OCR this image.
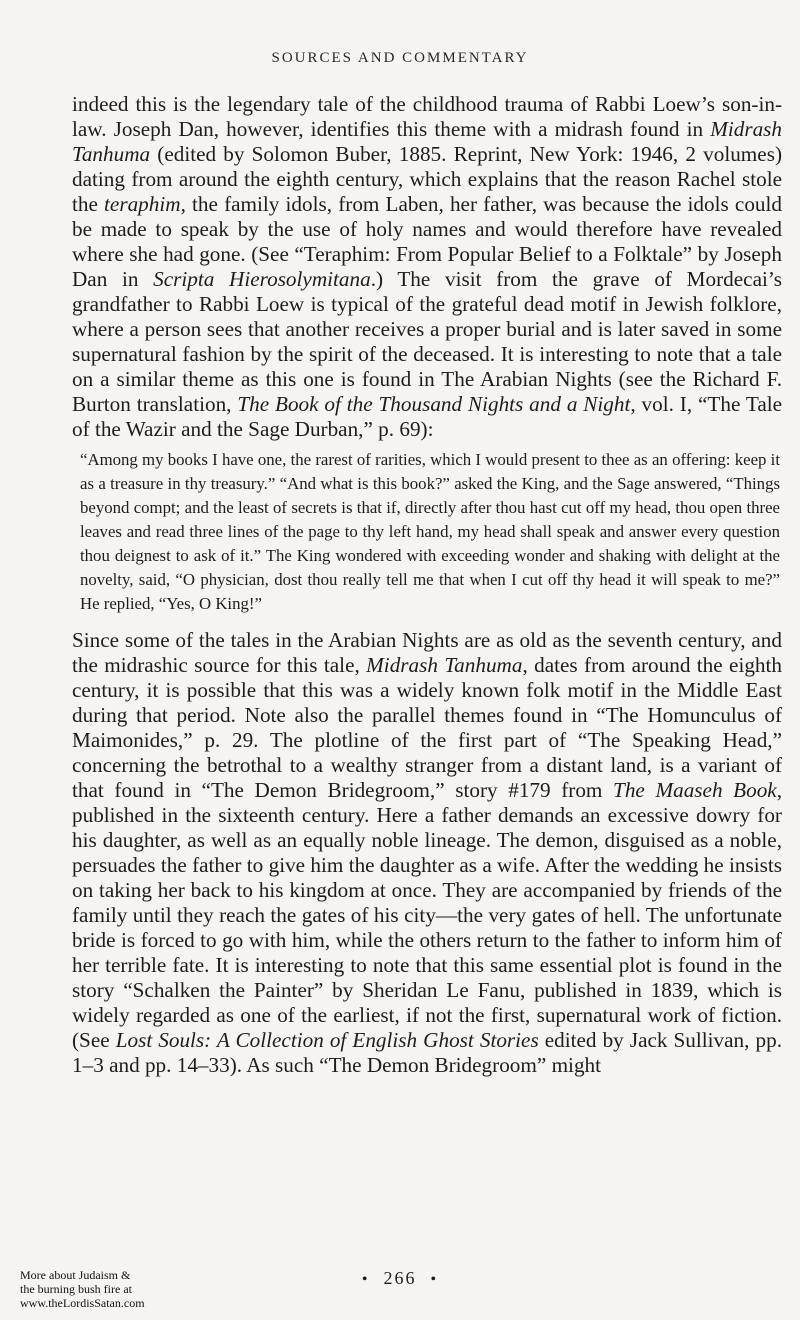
SOURCES AND COMMENTARY

indeed this is the legendary tale of the childhood trauma of Rabbi Loew’s son-in-law. Joseph Dan, however, identifies this theme with a midrash found in Midrash Tanhuma (edited by Solomon Buber, 1885. Reprint, New York: 1946, 2 volumes) dating from around the eighth century, which explains that the reason Rachel stole the teraphim, the family idols, from Laben, her father, was because the idols could be made to speak by the use of holy names and would therefore have revealed where she had gone. (See “Teraphim: From Popular Belief to a Folktale” by Joseph Dan in Scripta Hierosolymitana.) The visit from the grave of Mordecai’s grandfather to Rabbi Loew is typical of the grateful dead motif in Jewish folklore, where a person sees that another receives a proper burial and is later saved in some supernatural fashion by the spirit of the deceased. It is interesting to note that a tale on a similar theme as this one is found in The Arabian Nights (see the Richard F. Burton translation, The Book of the Thousand Nights and a Night, vol. I, “The Tale of the Wazir and the Sage Durban,” p. 69):

“Among my books I have one, the rarest of rarities, which I would present to thee as an offering: keep it as a treasure in thy treasury.” “And what is this book?” asked the King, and the Sage answered, “Things beyond compt; and the least of secrets is that if, directly after thou hast cut off my head, thou open three leaves and read three lines of the page to thy left hand, my head shall speak and answer every question thou deignest to ask of it.” The King wondered with exceeding wonder and shaking with delight at the novelty, said, “O physician, dost thou really tell me that when I cut off thy head it will speak to me?” He replied, “Yes, O King!”

Since some of the tales in the Arabian Nights are as old as the seventh century, and the midrashic source for this tale, Midrash Tanhuma, dates from around the eighth century, it is possible that this was a widely known folk motif in the Middle East during that period. Note also the parallel themes found in “The Homunculus of Maimonides,” p. 29. The plotline of the first part of “The Speaking Head,” concerning the betrothal to a wealthy stranger from a distant land, is a variant of that found in “The Demon Bridegroom,” story #179 from The Maaseh Book, published in the sixteenth century. Here a father demands an excessive dowry for his daughter, as well as an equally noble lineage. The demon, disguised as a noble, persuades the father to give him the daughter as a wife. After the wedding he insists on taking her back to his kingdom at once. They are accompanied by friends of the family until they reach the gates of his city—the very gates of hell. The unfortunate bride is forced to go with him, while the others return to the father to inform him of her terrible fate. It is interesting to note that this same essential plot is found in the story “Schalken the Painter” by Sheridan Le Fanu, published in 1839, which is widely regarded as one of the earliest, if not the first, supernatural work of fiction. (See Lost Souls: A Collection of English Ghost Stories edited by Jack Sullivan, pp. 1–3 and pp. 14–33). As such “The Demon Bridegroom” might

• 266 •
More about Judaism &
the burning bush fire at
www.theLordisSatan.com
